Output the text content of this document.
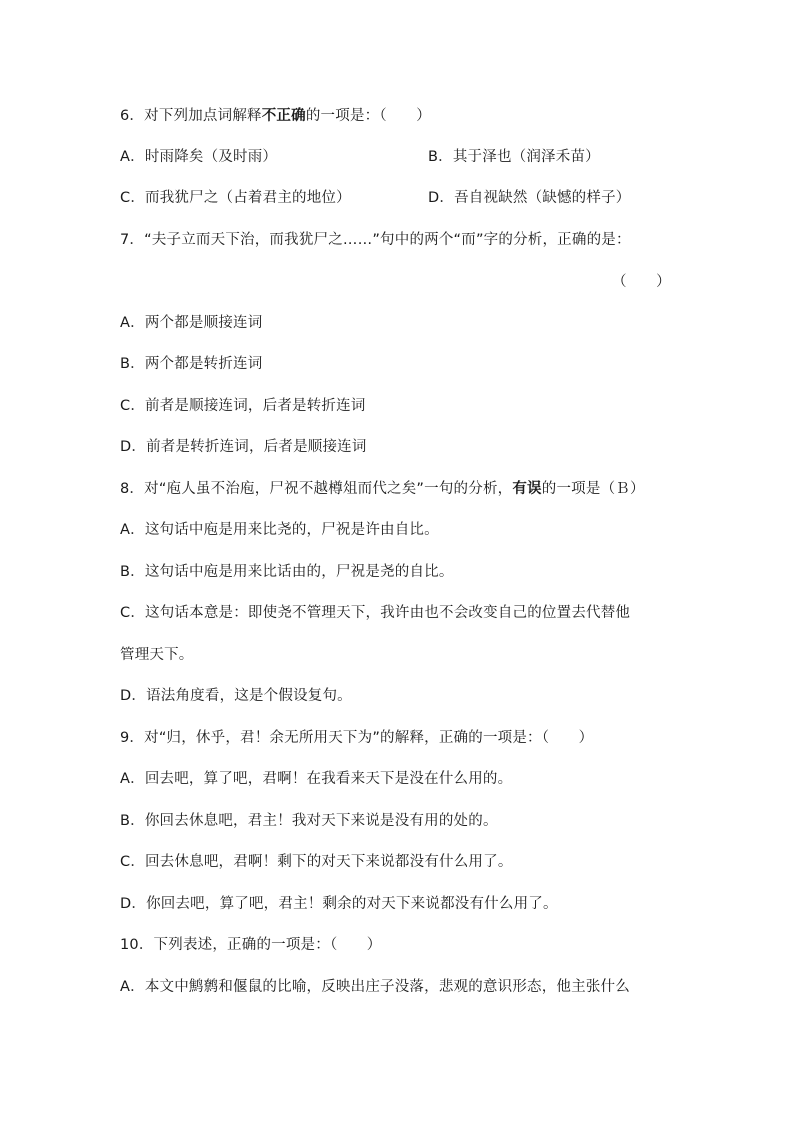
6．对下列加点词解释不正确的一项是：（　　）
A．时雨降矣（及时雨）	B．其于泽也（润泽禾苗）
C．而我犹尸之（占着君主的地位）	D．吾自视缺然（缺憾的样子）
7．“夫子立而天下治，而我犹尸之……”句中的两个“而”字的分析，正确的是：
（　　）
A．两个都是顺接连词
B．两个都是转折连词
C．前者是顺接连词，后者是转折连词
D．前者是转折连词，后者是顺接连词
8．对“庖人虽不治庖，尸祝不越樽俎而代之矣”一句的分析，有误的一项是（Ｂ）
A．这句话中庖是用来比尧的，尸祝是许由自比。
B．这句话中庖是用来比话由的，尸祝是尧的自比。
C．这句话本意是：即使尧不管理天下，我许由也不会改变自己的位置去代替他
管理天下。
D．语法角度看，这是个假设复句。
9．对“归，休乎，君！余无所用天下为”的解释，正确的一项是：（　　）
A．回去吧，算了吧，君啊！在我看来天下是没在什么用的。
B．你回去休息吧，君主！我对天下来说是没有用的处的。
C．回去休息吧，君啊！剩下的对天下来说都没有什么用了。
D．你回去吧，算了吧，君主！剩余的对天下来说都没有什么用了。
10．下列表述，正确的一项是：（　　）
A．本文中鹪鹩和偃鼠的比喻，反映出庄子没落，悲观的意识形态，他主张什么
